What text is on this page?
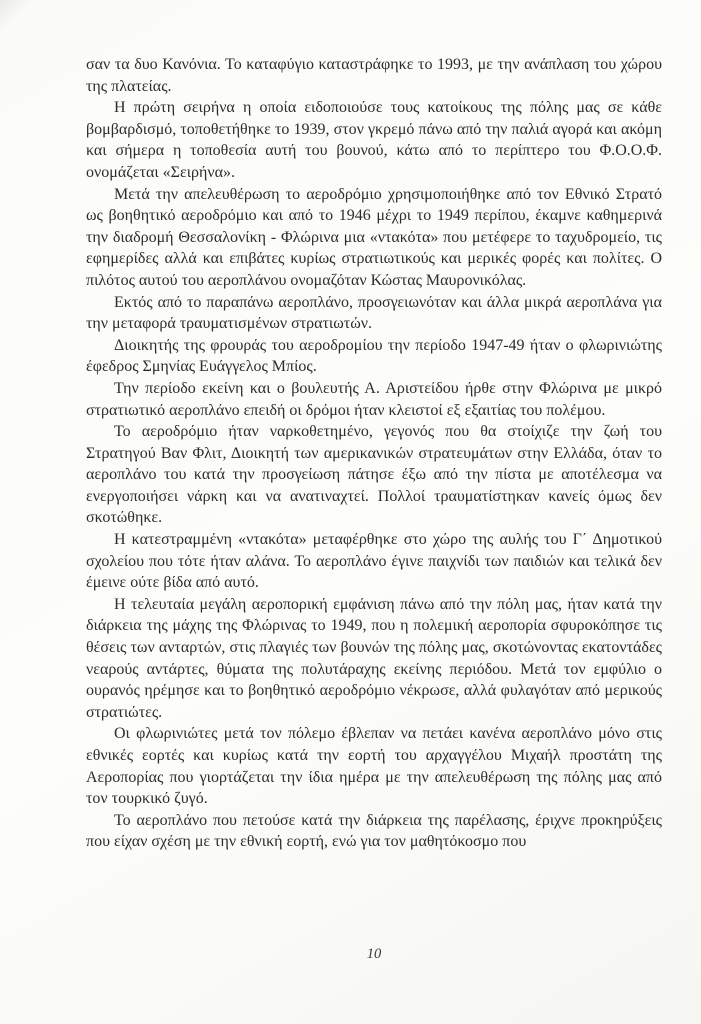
σαν τα δυο Κανόνια. Το καταφύγιο καταστράφηκε το 1993, με την ανάπλαση του χώρου της πλατείας.

Η πρώτη σειρήνα η οποία ειδοποιούσε τους κατοίκους της πόλης μας σε κάθε βομβαρδισμό, τοποθετήθηκε το 1939, στον γκρεμό πάνω από την παλιά αγορά και ακόμη και σήμερα η τοποθεσία αυτή του βουνού, κάτω από το περίπτερο του Φ.Ο.Ο.Φ. ονομάζεται «Σειρήνα».

Μετά την απελευθέρωση το αεροδρόμιο χρησιμοποιήθηκε από τον Εθνικό Στρατό ως βοηθητικό αεροδρόμιο και από το 1946 μέχρι το 1949 περίπου, έκαμνε καθημερινά την διαδρομή Θεσσαλονίκη - Φλώρινα μια «ντακότα» που μετέφερε το ταχυδρομείο, τις εφημερίδες αλλά και επιβάτες κυρίως στρατιωτικούς και μερικές φορές και πολίτες. Ο πιλότος αυτού του αεροπλάνου ονομαζόταν Κώστας Μαυρονικόλας.

Εκτός από το παραπάνω αεροπλάνο, προσγειωνόταν και άλλα μικρά αεροπλάνα για την μεταφορά τραυματισμένων στρατιωτών.

Διοικητής της φρουράς του αεροδρομίου την περίοδο 1947-49 ήταν ο φλωρινιώτης έφεδρος Σμηνίας Ευάγγελος Μπίος.

Την περίοδο εκείνη και ο βουλευτής Α. Αριστείδου ήρθε στην Φλώρινα με μικρό στρατιωτικό αεροπλάνο επειδή οι δρόμοι ήταν κλειστοί εξ εξαιτίας του πολέμου.

Το αεροδρόμιο ήταν ναρκοθετημένο, γεγονός που θα στοίχιζε την ζωή του Στρατηγού Βαν Φλιτ, Διοικητή των αμερικανικών στρατευμάτων στην Ελλάδα, όταν το αεροπλάνο του κατά την προσγείωση πάτησε έξω από την πίστα με αποτέλεσμα να ενεργοποιήσει νάρκη και να ανατιναχτεί. Πολλοί τραυματίστηκαν κανείς όμως δεν σκοτώθηκε.

Η κατεστραμμένη «ντακότα» μεταφέρθηκε στο χώρο της αυλής του Γ΄ Δημοτικού σχολείου που τότε ήταν αλάνα. Το αεροπλάνο έγινε παιχνίδι των παιδιών και τελικά δεν έμεινε ούτε βίδα από αυτό.

Η τελευταία μεγάλη αεροπορική εμφάνιση πάνω από την πόλη μας, ήταν κατά την διάρκεια της μάχης της Φλώρινας το 1949, που η πολεμική αεροπορία σφυροκόπησε τις θέσεις των ανταρτών, στις πλαγιές των βουνών της πόλης μας, σκοτώνοντας εκατοντάδες νεαρούς αντάρτες, θύματα της πολυτάραχης εκείνης περιόδου. Μετά τον εμφύλιο ο ουρανός ηρέμησε και το βοηθητικό αεροδρόμιο νέκρωσε, αλλά φυλαγόταν από μερικούς στρατιώτες.

Οι φλωρινιώτες μετά τον πόλεμο έβλεπαν να πετάει κανένα αεροπλάνο μόνο στις εθνικές εορτές και κυρίως κατά την εορτή του αρχαγγέλου Μιχαήλ προστάτη της Αεροπορίας που γιορτάζεται την ίδια ημέρα με την απελευθέρωση της πόλης μας από τον τουρκικό ζυγό.

Το αεροπλάνο που πετούσε κατά την διάρκεια της παρέλασης, έριχνε προκηρύξεις που είχαν σχέση με την εθνική εορτή, ενώ για τον μαθητόκοσμο που

10
